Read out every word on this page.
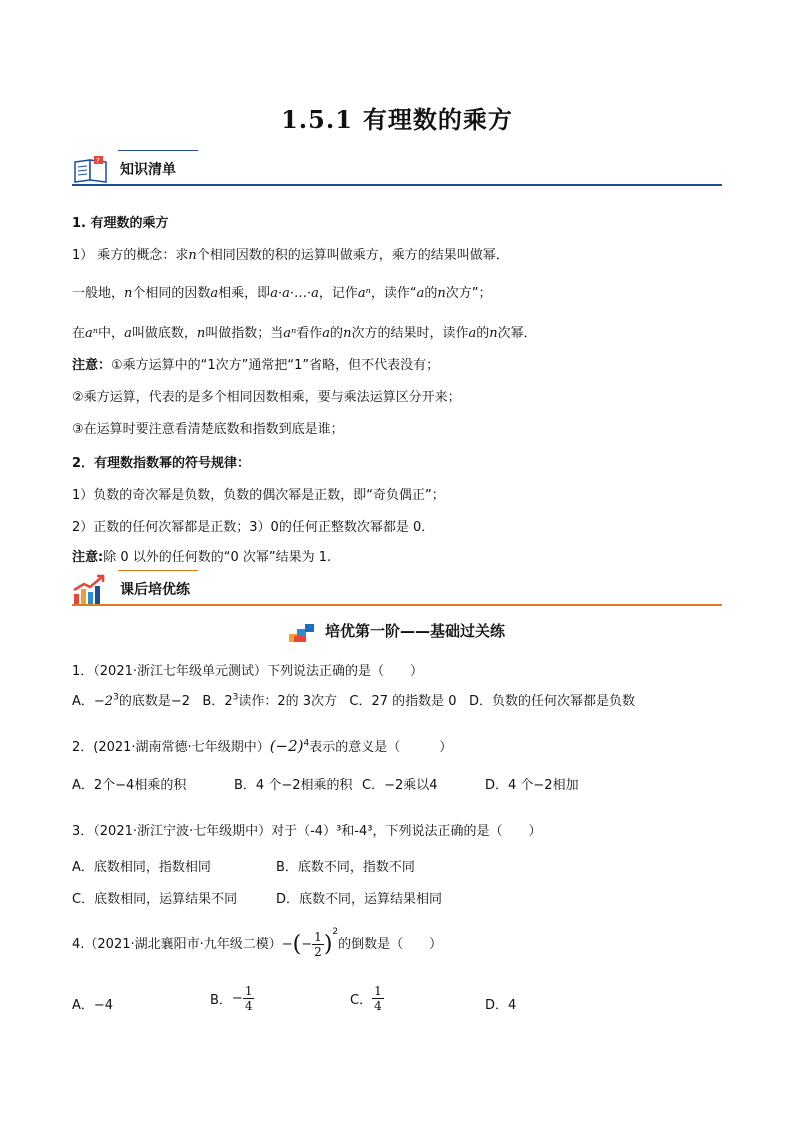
1.5.1 有理数的乘方
?
知识清单
1. 有理数的乘方
1） 乘方的概念：求n个相同因数的积的运算叫做乘方，乘方的结果叫做幂．
一般地，n个相同的因数a相乘，即a·a·…·a，记作aⁿ，读作“a的n次方”；
在aⁿ中，a叫做底数，n叫做指数；当aⁿ看作a的n次方的结果时，读作a的n次幂．
注意：①乘方运算中的“1次方”通常把“1”省略，但不代表没有；
②乘方运算，代表的是多个相同因数相乘，要与乘法运算区分开来；
③在运算时要注意看清楚底数和指数到底是谁；
2．有理数指数幂的符号规律：
1）负数的奇次幂是负数，负数的偶次幂是正数，即“奇负偶正”；
2）正数的任何次幂都是正数；3）0的任何正整数次幂都是 0．
注意:除 0 以外的任何数的“0 次幂”结果为 1.
课后培优练
培优第一阶——基础过关练
1．（2021·浙江七年级单元测试）下列说法正确的是（　　）
A．$-2^3$的底数是−2 B．$2^3$读作：2的 3次方 C．27 的指数是 0 D．负数的任何次幂都是负数
2．(2021·湖南常德·七年级期中）$(-2)^4$表示的意义是（　　　）
A．2个−4相乘的积	B．4 个−2相乘的积 C．−2乘以4	D．4 个−2相加
3．（2021·浙江宁波·七年级期中）对于（-4）³和-4³，下列说法正确的是（　　）
A．底数相同，指数相同	B．底数不同，指数不同
C．底数相同，运算结果不同	D．底数不同，运算结果相同
4.（2021·湖北襄阳市·九年级二模）−(− $\frac{1}{2} )^2$的倒数是（　　）
A．−4	B．− $\frac{1}{4}$	C． $\frac{1}{4}$	D．4
